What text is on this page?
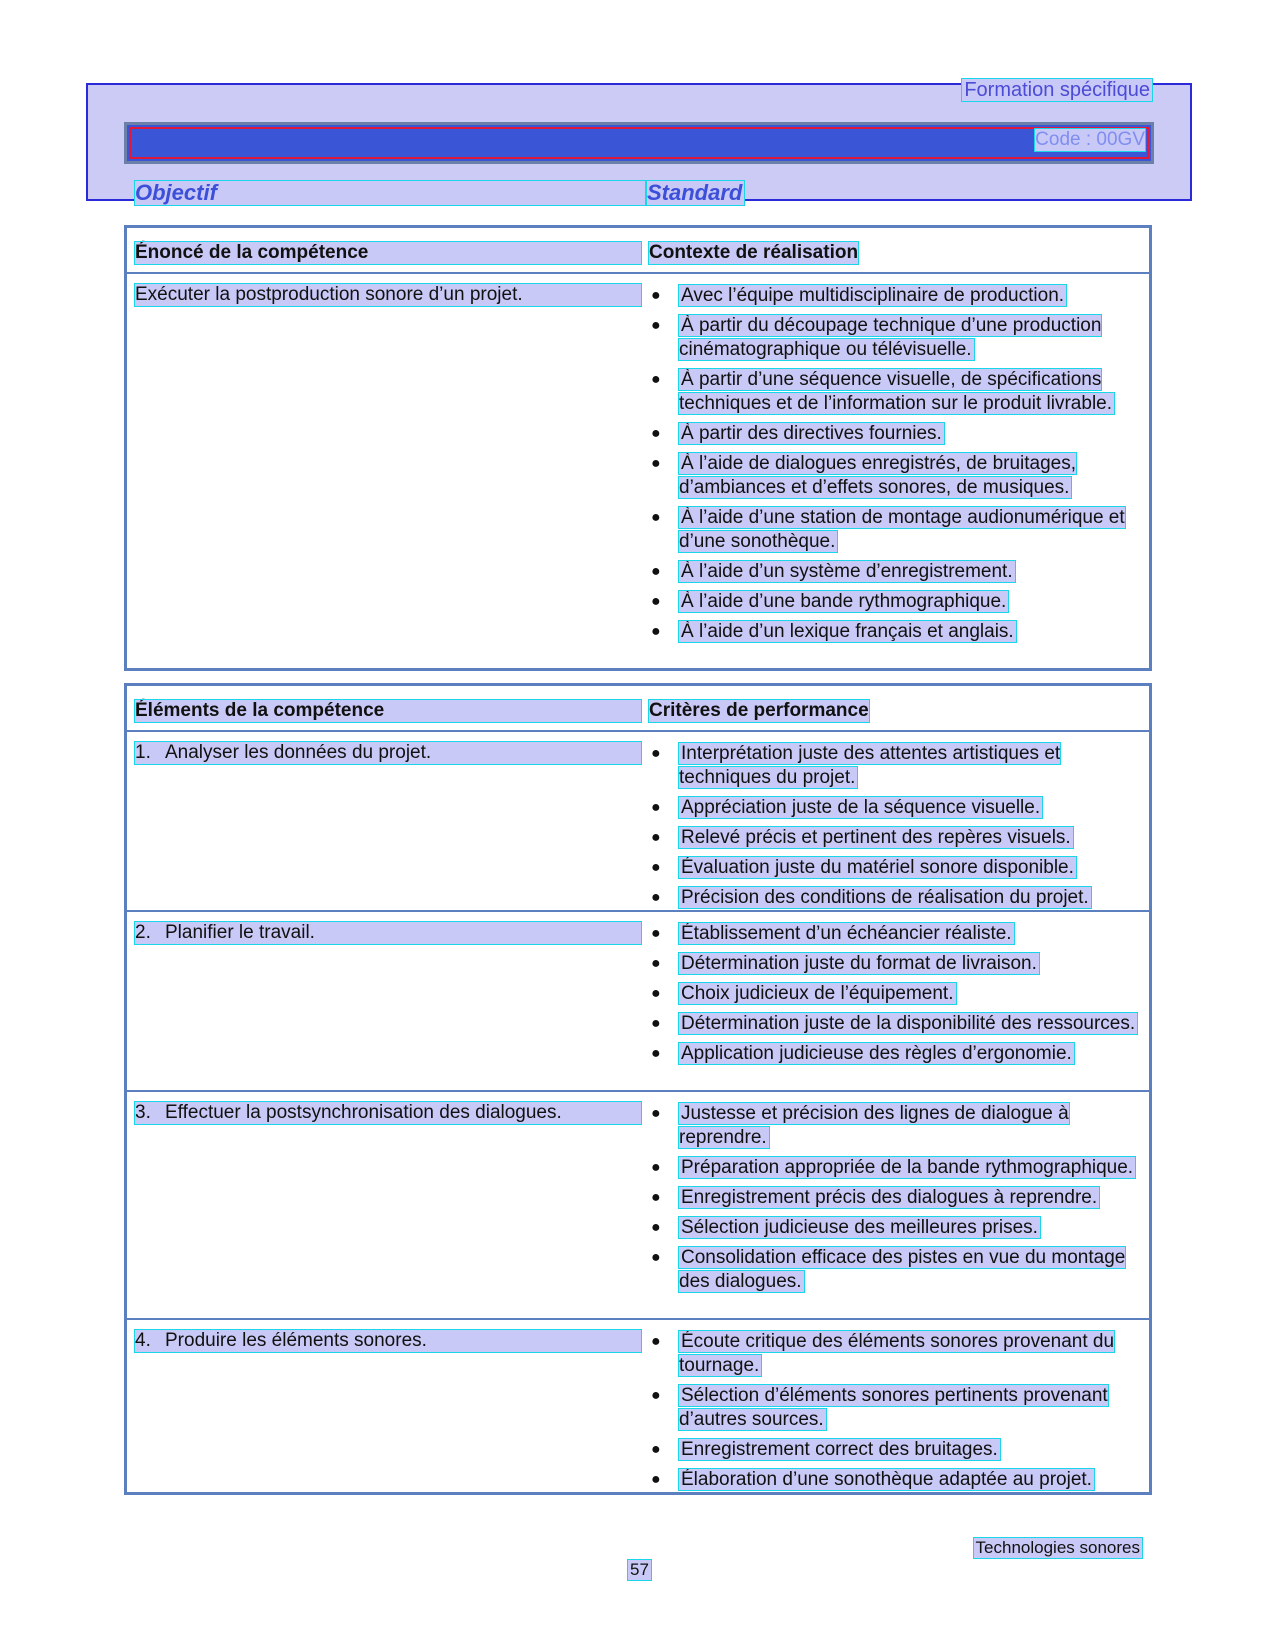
Formation spécifique
Code : 00GV
Objectif	Standard
Énoncé de la compétence	Contexte de réalisation
Exécuter la postproduction sonore d’un projet.	● Avec l’équipe multidisciplinaire de production.
● À partir du découpage technique d’une production cinématographique ou télévisuelle.
● À partir d’une séquence visuelle, de spécifications techniques et de l’information sur le produit livrable.
● À partir des directives fournies.
● À l’aide de dialogues enregistrés, de bruitages, d’ambiances et d’effets sonores, de musiques.
● À l’aide d’une station de montage audionumérique et d’une sonothèque.
● À l’aide d’un système d’enregistrement.
● À l’aide d’une bande rythmographique.
● À l’aide d’un lexique français et anglais.
Éléments de la compétence	Critères de performance
1. Analyser les données du projet.	● Interprétation juste des attentes artistiques et techniques du projet.
● Appréciation juste de la séquence visuelle.
● Relevé précis et pertinent des repères visuels.
● Évaluation juste du matériel sonore disponible.
● Précision des conditions de réalisation du projet.
2. Planifier le travail.	● Établissement d’un échéancier réaliste.
● Détermination juste du format de livraison.
● Choix judicieux de l’équipement.
● Détermination juste de la disponibilité des ressources.
● Application judicieuse des règles d’ergonomie.
3. Effectuer la postsynchronisation des dialogues.	● Justesse et précision des lignes de dialogue à reprendre.
● Préparation appropriée de la bande rythmographique.
● Enregistrement précis des dialogues à reprendre.
● Sélection judicieuse des meilleures prises.
● Consolidation efficace des pistes en vue du montage des dialogues.
4. Produire les éléments sonores.	● Écoute critique des éléments sonores provenant du tournage.
● Sélection d’éléments sonores pertinents provenant d’autres sources.
● Enregistrement correct des bruitages.
● Élaboration d’une sonothèque adaptée au projet.
Technologies sonores
57
